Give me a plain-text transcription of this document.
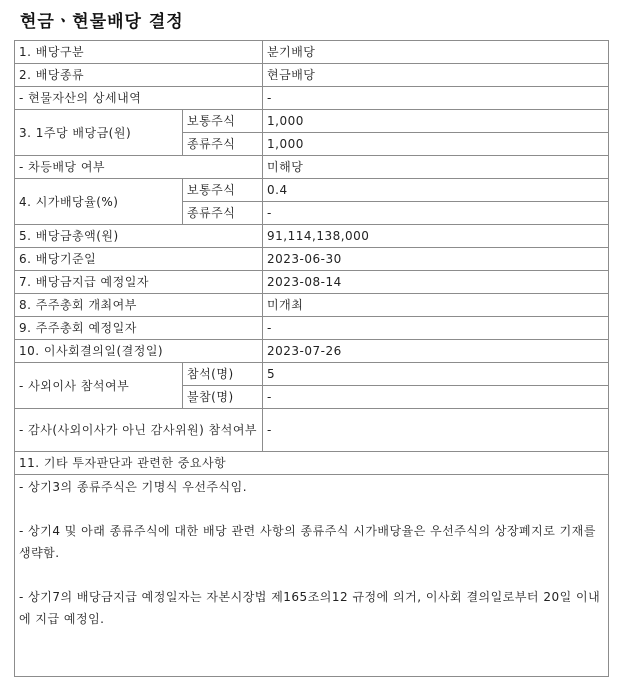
현금ㆍ현물배당 결정
1. 배당구분		분기배당
2. 배당종류		현금배당
- 현물자산의 상세내역		-
3. 1주당 배당금(원)	보통주식	1,000
	종류주식	1,000
- 차등배당 여부		미해당
4. 시가배당율(%)	보통주식	0.4
	종류주식	-
5. 배당금총액(원)		91,114,138,000
6. 배당기준일		2023-06-30
7. 배당금지급 예정일자		2023-08-14
8. 주주총회 개최여부		미개최
9. 주주총회 예정일자		-
10. 이사회결의일(결정일)		2023-07-26
- 사외이사 참석여부	참석(명)	5
	불참(명)	-
- 감사(사외이사가 아닌 감사위원) 참석여부		-
11. 기타 투자판단과 관련한 중요사항		

- 상기3의 종류주식은 기명식 우선주식임.

- 상기4 및 아래 종류주식에 대한 배당 관련 사항의 종류주식 시가배당율은 우선주식의 상장폐지로 기재를 생략함.

- 상기7의 배당금지급 예정일자는 자본시장법 제165조의12 규정에 의거, 이사회 결의일로부터 20일 이내에 지급 예정임.		
